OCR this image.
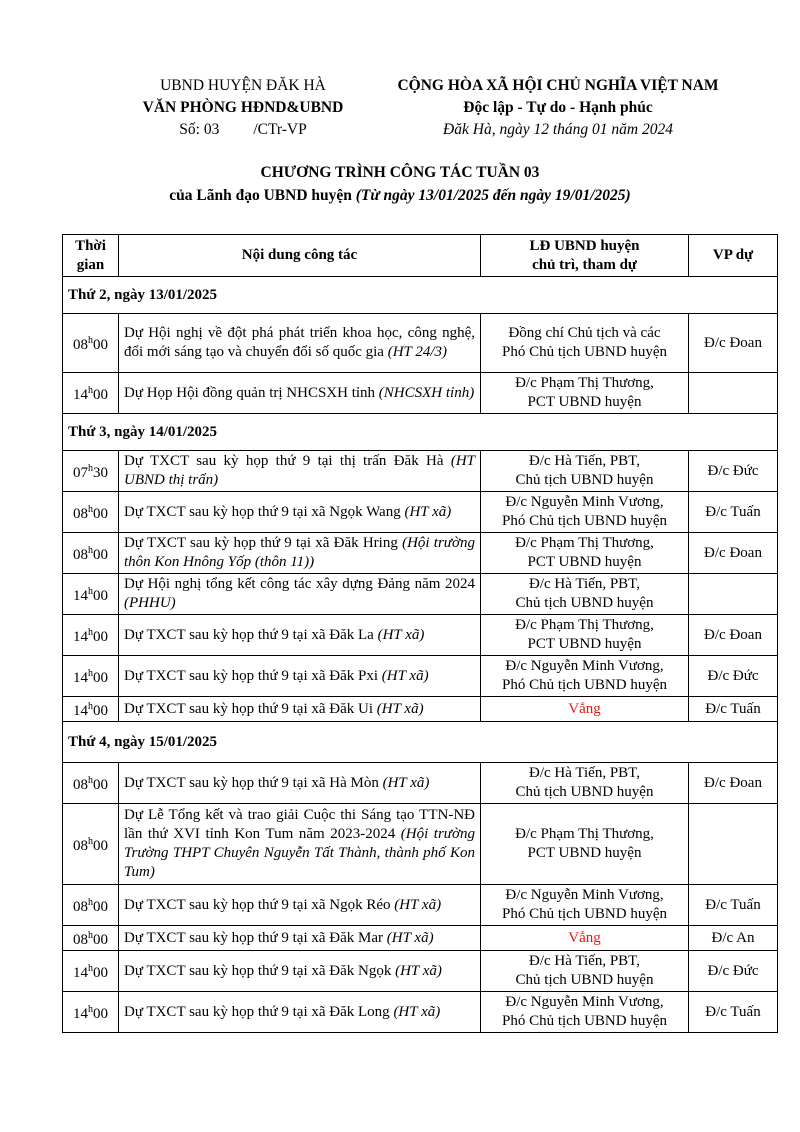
UBND HUYỆN ĐĂK HÀ
VĂN PHÒNG HĐND&UBND
Số: 03 /CTr-VP
CỘNG HÒA XÃ HỘI CHỦ NGHĨA VIỆT NAM
Độc lập - Tự do - Hạnh phúc
Đăk Hà, ngày 12 tháng 01 năm 2024
CHƯƠNG TRÌNH CÔNG TÁC TUẦN 03
của Lãnh đạo UBND huyện (Từ ngày 13/01/2025 đến ngày 19/01/2025)
Thời
gian	Nội dung công tác	LĐ UBND huyện
chủ trì, tham dự	VP dự
Thứ 2, ngày 13/01/2025			
08$^h$00	Dự Hội nghị về đột phá phát triển khoa học, công nghệ, đổi mới sáng tạo và chuyển đổi số quốc gia (HT 24/3)	Đồng chí Chủ tịch và các
Phó Chủ tịch UBND huyện	Đ/c Đoan
14$^h$00	Dự Họp Hội đồng quản trị NHCSXH tỉnh (NHCSXH tỉnh)	Đ/c Phạm Thị Thương,
PCT UBND huyện	
Thứ 3, ngày 14/01/2025			
07$^h$30	Dự TXCT sau kỳ họp thứ 9 tại thị trấn Đăk Hà (HT UBND thị trấn)	Đ/c Hà Tiến, PBT,
Chủ tịch UBND huyện	Đ/c Đức
08$^h$00	Dự TXCT sau kỳ họp thứ 9 tại xã Ngọk Wang (HT xã)	Đ/c Nguyễn Minh Vương,
Phó Chủ tịch UBND huyện	Đ/c Tuấn
08$^h$00	Dự TXCT sau kỳ họp thứ 9 tại xã Đăk Hring (Hội trường thôn Kon Hnông Yốp (thôn 11))	Đ/c Phạm Thị Thương,
PCT UBND huyện	Đ/c Đoan
14$^h$00	Dự Hội nghị tổng kết công tác xây dựng Đảng năm 2024 (PHHU)	Đ/c Hà Tiến, PBT,
Chủ tịch UBND huyện	
14$^h$00	Dự TXCT sau kỳ họp thứ 9 tại xã Đăk La (HT xã)	Đ/c Phạm Thị Thương,
PCT UBND huyện	Đ/c Đoan
14$^h$00	Dự TXCT sau kỳ họp thứ 9 tại xã Đăk Pxi (HT xã)	Đ/c Nguyễn Minh Vương,
Phó Chủ tịch UBND huyện	Đ/c Đức
14$^h$00	Dự TXCT sau kỳ họp thứ 9 tại xã Đăk Ui (HT xã)	Vắng	Đ/c Tuấn
Thứ 4, ngày 15/01/2025			
08$^h$00	Dự TXCT sau kỳ họp thứ 9 tại xã Hà Mòn (HT xã)	Đ/c Hà Tiến, PBT,
Chủ tịch UBND huyện	Đ/c Đoan
08$^h$00	Dự Lễ Tổng kết và trao giải Cuộc thi Sáng tạo TTN-NĐ lần thứ XVI tỉnh Kon Tum năm 2023-2024 (Hội trường Trường THPT Chuyên Nguyễn Tất Thành, thành phố Kon Tum)	Đ/c Phạm Thị Thương,
PCT UBND huyện	
08$^h$00	Dự TXCT sau kỳ họp thứ 9 tại xã Ngọk Réo (HT xã)	Đ/c Nguyễn Minh Vương,
Phó Chủ tịch UBND huyện	Đ/c Tuấn
08$^h$00	Dự TXCT sau kỳ họp thứ 9 tại xã Đăk Mar (HT xã)	Vắng	Đ/c An
14$^h$00	Dự TXCT sau kỳ họp thứ 9 tại xã Đăk Ngọk (HT xã)	Đ/c Hà Tiến, PBT,
Chủ tịch UBND huyện	Đ/c Đức
14$^h$00	Dự TXCT sau kỳ họp thứ 9 tại xã Đăk Long (HT xã)	Đ/c Nguyễn Minh Vương,
Phó Chủ tịch UBND huyện	Đ/c Tuấn
